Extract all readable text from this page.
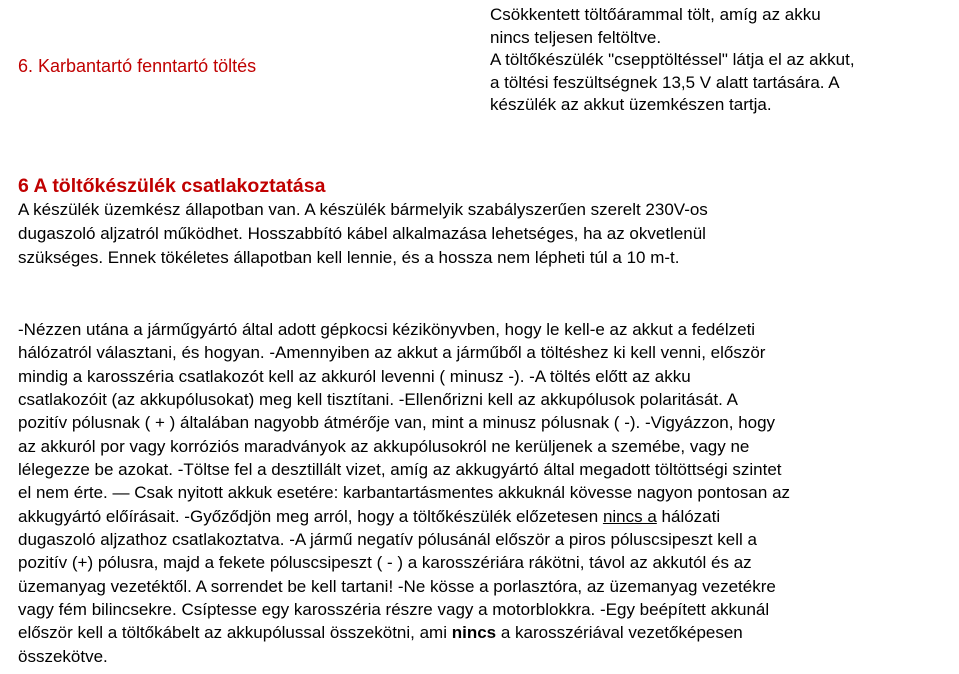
6. Karbantartó fenntartó töltés
Csökkentett töltőárammal tölt, amíg az akku
nincs teljesen feltöltve.
A töltőkészülék "csepptöltéssel" látja el az akkut,
a töltési feszültségnek 13,5 V alatt tartására. A
készülék az akkut üzemkészen tartja.
6 A töltőkészülék csatlakoztatása
A készülék üzemkész állapotban van. A készülék bármelyik szabályszerűen szerelt 230V-os
dugaszoló aljzatról működhet. Hosszabbító kábel alkalmazása lehetséges, ha az okvetlenül
szükséges. Ennek tökéletes állapotban kell lennie, és a hossza nem lépheti túl a 10 m-t.
-Nézzen utána a járműgyártó által adott gépkocsi kézikönyvben, hogy le kell-e az akkut a fedélzeti
hálózatról választani, és hogyan. -Amennyiben az akkut a járműből a töltéshez ki kell venni, először
mindig a karosszéria csatlakozót kell az akkuról levenni ( minusz -). -A töltés előtt az akku
csatlakozóit (az akkupólusokat) meg kell tisztítani. -Ellenőrizni kell az akkupólusok polaritását. A
pozitív pólusnak ( + ) általában nagyobb átmérője van, mint a minusz pólusnak ( -). -Vigyázzon, hogy
az akkuról por vagy korróziós maradványok az akkupólusokról ne kerüljenek a szemébe, vagy ne
lélegezze be azokat. -Töltse fel a desztillált vizet, amíg az akkugyártó által megadott töltöttségi szintet
el nem érte. — Csak nyitott akkuk esetére: karbantartásmentes akkuknál kövesse nagyon pontosan az
akkugyártó előírásait. -Győződjön meg arról, hogy a töltőkészülék előzetesen nincs a hálózati
dugaszoló aljzathoz csatlakoztatva. -A jármű negatív pólusánál először a piros póluscsipeszt kell a
pozitív (+) pólusra, majd a fekete póluscsipeszt ( - ) a karosszériára rákötni, távol az akkutól és az
üzemanyag vezetéktől. A sorrendet be kell tartani! -Ne kösse a porlasztóra, az üzemanyag vezetékre
vagy fém bilincsekre. Csíptesse egy karosszéria részre vagy a motorblokkra. -Egy beépített akkunál
először kell a töltőkábelt az akkupólussal összekötni, ami nincs a karosszériával vezetőképesen
összekötve.
